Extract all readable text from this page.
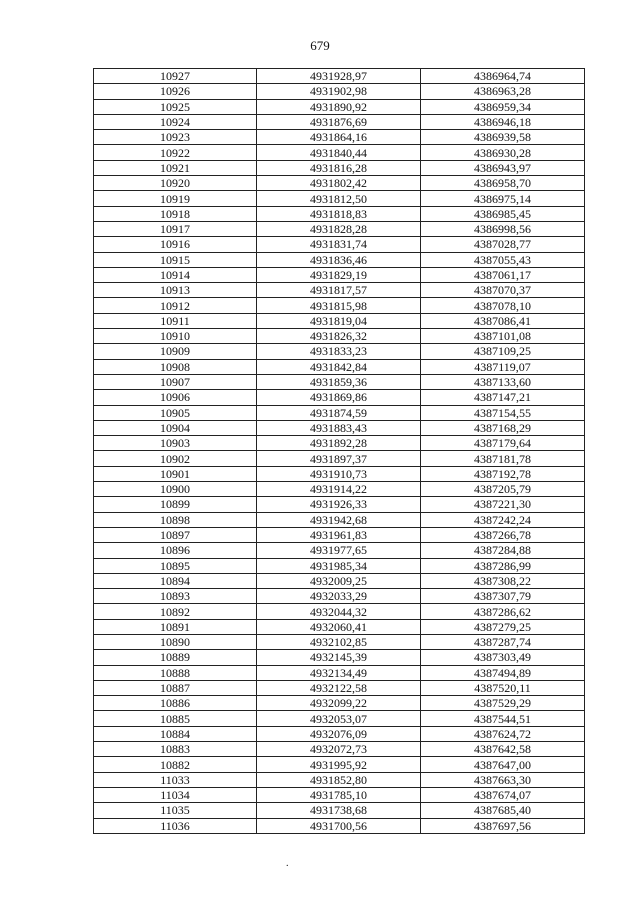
679
10927	4931928,97	4386964,74
10926	4931902,98	4386963,28
10925	4931890,92	4386959,34
10924	4931876,69	4386946,18
10923	4931864,16	4386939,58
10922	4931840,44	4386930,28
10921	4931816,28	4386943,97
10920	4931802,42	4386958,70
10919	4931812,50	4386975,14
10918	4931818,83	4386985,45
10917	4931828,28	4386998,56
10916	4931831,74	4387028,77
10915	4931836,46	4387055,43
10914	4931829,19	4387061,17
10913	4931817,57	4387070,37
10912	4931815,98	4387078,10
10911	4931819,04	4387086,41
10910	4931826,32	4387101,08
10909	4931833,23	4387109,25
10908	4931842,84	4387119,07
10907	4931859,36	4387133,60
10906	4931869,86	4387147,21
10905	4931874,59	4387154,55
10904	4931883,43	4387168,29
10903	4931892,28	4387179,64
10902	4931897,37	4387181,78
10901	4931910,73	4387192,78
10900	4931914,22	4387205,79
10899	4931926,33	4387221,30
10898	4931942,68	4387242,24
10897	4931961,83	4387266,78
10896	4931977,65	4387284,88
10895	4931985,34	4387286,99
10894	4932009,25	4387308,22
10893	4932033,29	4387307,79
10892	4932044,32	4387286,62
10891	4932060,41	4387279,25
10890	4932102,85	4387287,74
10889	4932145,39	4387303,49
10888	4932134,49	4387494,89
10887	4932122,58	4387520,11
10886	4932099,22	4387529,29
10885	4932053,07	4387544,51
10884	4932076,09	4387624,72
10883	4932072,73	4387642,58
10882	4931995,92	4387647,00
11033	4931852,80	4387663,30
11034	4931785,10	4387674,07
11035	4931738,68	4387685,40
11036	4931700,56	4387697,56
.
